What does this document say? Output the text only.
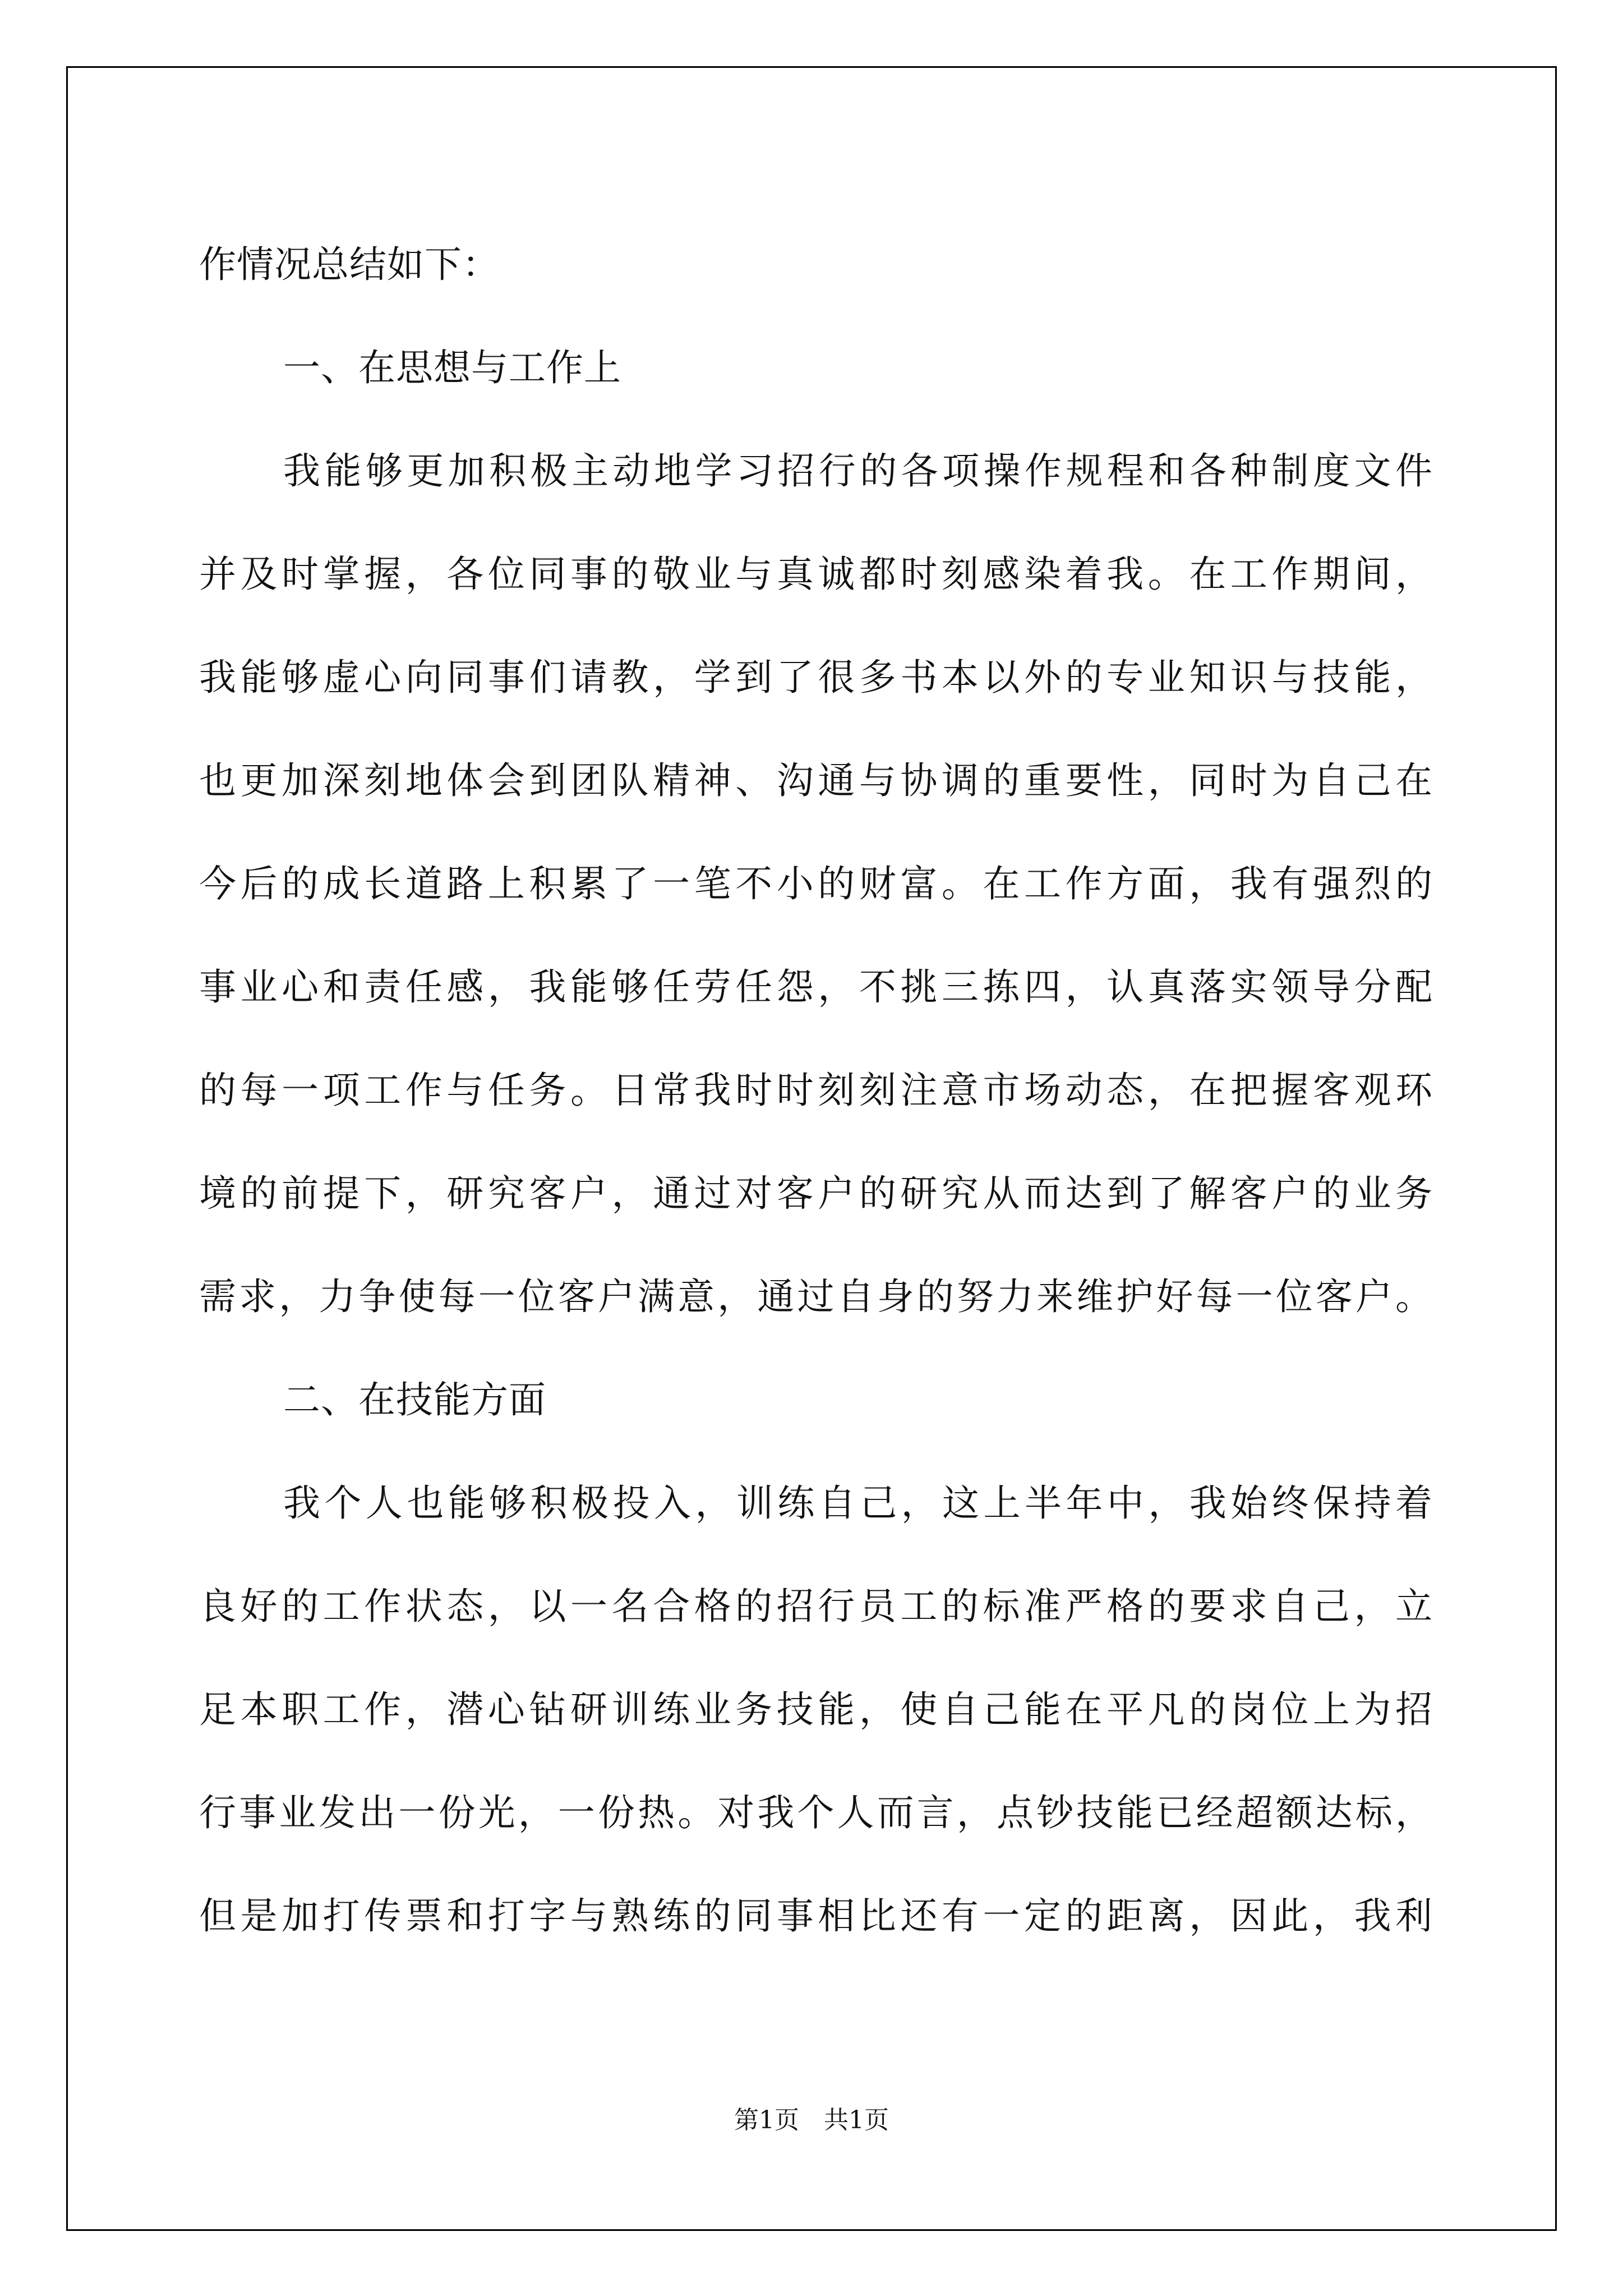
作情况总结如下：
一、在思想与工作上
我能够更加积极主动地学习招行的各项操作规程和各种制度文件
并及时掌握，各位同事的敬业与真诚都时刻感染着我。在工作期间，
我能够虚心向同事们请教，学到了很多书本以外的专业知识与技能，
也更加深刻地体会到团队精神、沟通与协调的重要性，同时为自己在
今后的成长道路上积累了一笔不小的财富。在工作方面，我有强烈的
事业心和责任感，我能够任劳任怨，不挑三拣四，认真落实领导分配
的每一项工作与任务。日常我时时刻刻注意市场动态，在把握客观环
境的前提下，研究客户，通过对客户的研究从而达到了解客户的业务
需求，力争使每一位客户满意，通过自身的努力来维护好每一位客户。
二、在技能方面
我个人也能够积极投入，训练自己，这上半年中，我始终保持着
良好的工作状态，以一名合格的招行员工的标准严格的要求自己，立
足本职工作，潜心钻研训练业务技能，使自己能在平凡的岗位上为招
行事业发出一份光，一份热。对我个人而言，点钞技能已经超额达标，
但是加打传票和打字与熟练的同事相比还有一定的距离，因此，我利
第1页　共1页
